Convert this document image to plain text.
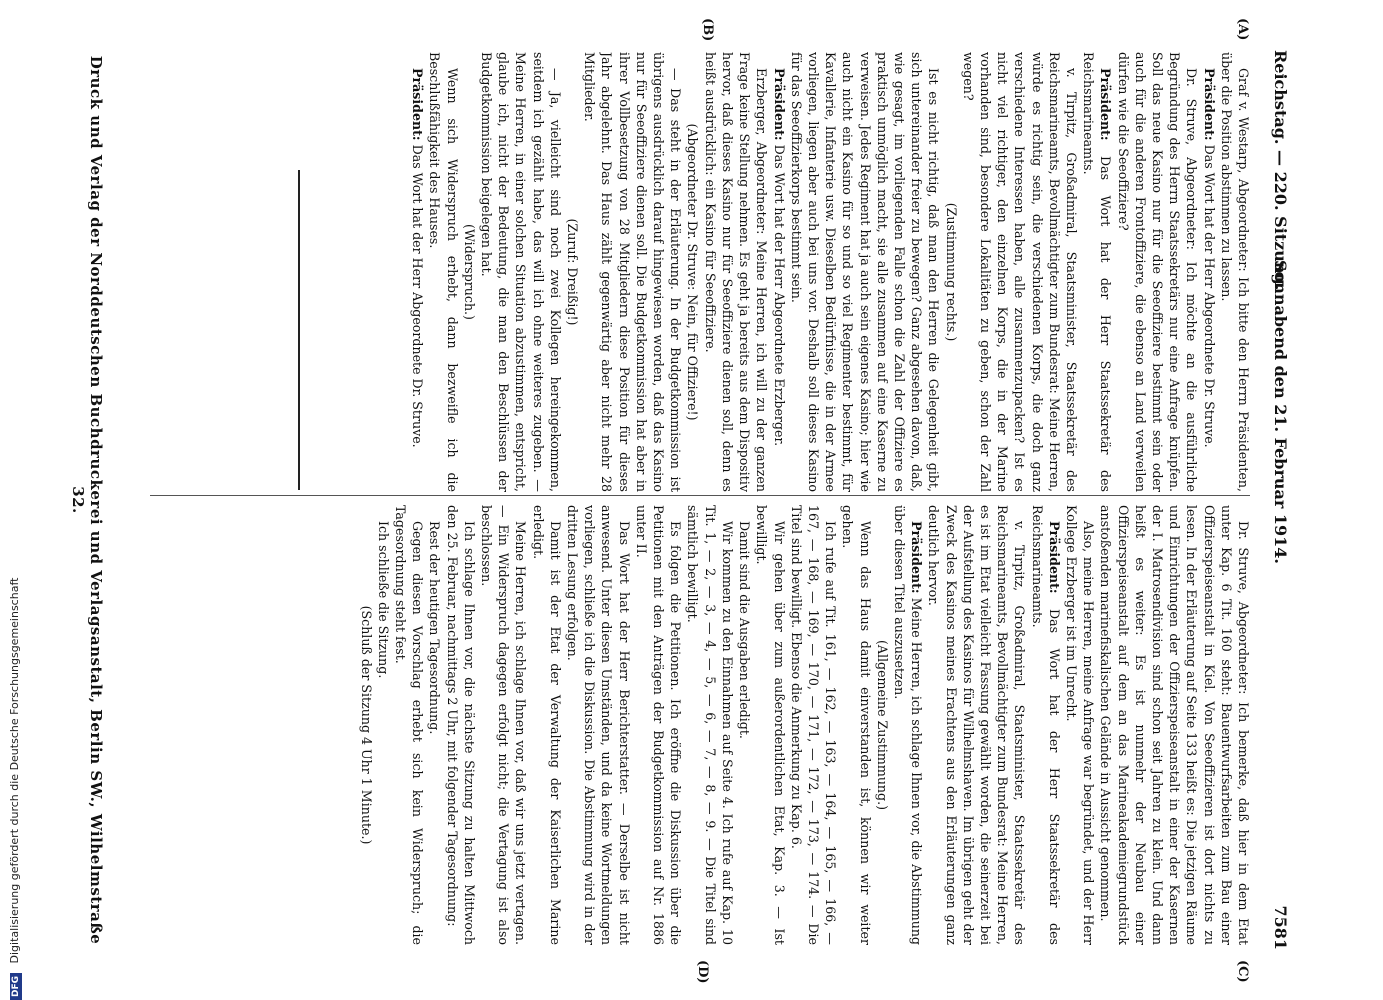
Reichstag. — 220. Sitzung.
Sonnabend den 21. Februar 1914.
7581
(A)
(B)
(C)
(D)

Graf v. Westarp, Abgeordneter: Ich bitte den Herrn Präsidenten, über die Position abstimmen zu lassen.

Präsident: Das Wort hat der Herr Abgeordnete Dr. Struve.

Dr. Struve, Abgeordneter: Ich möchte an die ausführliche Begründung des Herrn Staatssekretärs nur eine Anfrage knüpfen. Soll das neue Kasino nur für die Seeoffiziere bestimmt sein oder auch für die anderen Frontoffiziere, die ebenso an Land verweilen dürfen wie die Seeoffiziere?

Präsident: Das Wort hat der Herr Staatssekretär des Reichsmarineamts.

v. Tirpitz, Großadmiral, Staatsminister, Staatssekretär des Reichsmarineamts, Bevollmächtigter zum Bundesrat: Meine Herren, würde es richtig sein, die verschiedenen Korps, die doch ganz verschiedene Interessen haben, alle zusammenzupacken? Ist es nicht viel richtiger, den einzelnen Korps, die in der Marine vorhanden sind, besondere Lokalitäten zu geben, schon der Zahl wegen?

(Zustimmung rechts.)

Ist es nicht richtig, daß man den Herren die Gelegenheit gibt, sich untereinander freier zu bewegen? Ganz abgesehen davon, daß, wie gesagt, im vorliegenden Falle schon die Zahl der Offiziere es praktisch unmöglich macht, sie alle zusammen auf eine Kaserne zu verweisen. Jedes Regiment hat ja auch sein eigenes Kasino; hier wie auch nicht ein Kasino für so und so viel Regimenter bestimmt, für Kavallerie, Infanterie usw. Dieselben Bedürfnisse, die in der Armee vorliegen, liegen aber auch bei uns vor. Deshalb soll dieses Kasino für das Seeoffizierkorps bestimmt sein.

Präsident: Das Wort hat der Herr Abgeordnete Erzberger.

Erzberger, Abgeordneter: Meine Herren, ich will zu der ganzen Frage keine Stellung nehmen. Es geht ja bereits aus dem Dispositiv hervor, daß dieses Kasino nur für Seeoffiziere dienen soll, denn es heißt ausdrücklich: ein Kasino für Seeoffiziere.

(Abgeordneter Dr. Struve: Nein, für Offiziere!)

— Das steht in der Erläuterung. In der Budgetkommission ist übrigens ausdrücklich darauf hingewiesen worden, daß das Kasino nur für Seeoffiziere dienen soll. Die Budgetkommission hat aber in ihrer Vollbesetzung von 28 Mitgliedern diese Position für dieses Jahr abgelehnt. Das Haus zählt gegenwärtig aber nicht mehr 28 Mitglieder.

(Zuruf: Dreißig!)

— Ja, vielleicht sind noch zwei Kollegen hereingekommen, seitdem ich gezählt habe, das will ich ohne weiteres zugeben. — Meine Herren, in einer solchen Situation abzustimmen, entspricht, glaube ich, nicht der Bedeutung, die man den Beschlüssen der Budgetkommission beigelegen hat.

(Widerspruch.)

Wenn sich Widerspruch erhebt, dann bezweifle ich die Beschlußfähigkeit des Hauses.

Präsident: Das Wort hat der Herr Abgeordnete Dr. Struve.

Dr. Struve, Abgeordneter: Ich bemerke, daß hier in dem Etat unter Kap. 6 Tit. 160 steht: Bauentwurfsarbeiten zum Bau einer Offizierspeiseanstalt in Kiel. Von Seeoffizieren ist dort nichts zu lesen. In der Erläuterung auf Seite 133 heißt es: Die jetzigen Räume und Einrichtungen der Offizierspeiseanstalt in einer der Kasernen der I. Matrosendivision sind schon seit Jahren zu klein. Und dann heißt es weiter: Es ist nunmehr der Neubau einer Offizierspeiseanstalt auf dem an das Marineakademiegrundstück anstoßenden marinefiskalischen Gelände in Aussicht genommen.

Also, meine Herren, meine Anfrage war begründet, und der Herr Kollege Erzberger ist im Unrecht.

Präsident: Das Wort hat der Herr Staatssekretär des Reichsmarineamts.

v. Tirpitz, Großadmiral, Staatsminister, Staatssekretär des Reichsmarineamts, Bevollmächtigter zum Bundesrat: Meine Herren, es ist im Etat vielleicht Fassung gewählt worden, die seinerzeit bei der Aufstellung des Kasinos für Wilhelmshaven. Im übrigen geht der Zweck des Kasinos meines Erachtens aus den Erläuterungen ganz deutlich hervor.

Präsident: Meine Herren, ich schlage Ihnen vor, die Abstimmung über diesen Titel auszusetzen.

(Allgemeine Zustimmung.)

Wenn das Haus damit einverstanden ist, können wir weiter gehen.

Ich rufe auf Tit. 161, — 162, — 163, — 164, — 165, — 166, — 167, — 168, — 169, — 170, — 171, — 172, — 173, — 174. — Die Titel sind bewilligt. Ebenso die Anmerkung zu Kap. 6.

Wir gehen über zum außerordentlichen Etat, Kap. 3. — Ist bewilligt.

Damit sind die Ausgaben erledigt.

Wir kommen zu den Einnahmen auf Seite 4. Ich rufe auf Kap. 10 Tit. 1, — 2, — 3, — 4, — 5, — 6, — 7, — 8, — 9. — Die Titel sind sämtlich bewilligt.

Es folgen die Petitionen. Ich eröffne die Diskussion über die Petitionen mit den Anträgen der Budgetkommission auf Nr. 1886 unter II.

Das Wort hat der Herr Berichterstatter. — Derselbe ist nicht anwesend. Unter diesen Umständen, und da keine Wortmeldungen vorliegen, schließe ich die Diskussion. Die Abstimmung wird in der dritten Lesung erfolgen.

Damit ist der Etat der Verwaltung der Kaiserlichen Marine erledigt.

Meine Herren, ich schlage Ihnen vor, daß wir uns jetzt vertagen. — Ein Widerspruch dagegen erfolgt nicht; die Vertagung ist also beschlossen.

Ich schlage Ihnen vor, die nächste Sitzung zu halten Mittwoch den 25. Februar, nachmittags 2 Uhr, mit folgender Tagesordnung:

Rest der heutigen Tagesordnung.

Gegen diesen Vorschlag erhebt sich kein Widerspruch; die Tagesordnung steht fest.

Ich schließe die Sitzung.

(Schluß der Sitzung 4 Uhr 1 Minute.)

Druck und Verlag der Norddeutschen Buchdruckerei und Verlagsanstalt, Berlin SW., Wilhelmstraße 32.
DFG Digitalisierung gefördert durch die Deutsche Forschungsgemeinschaft
